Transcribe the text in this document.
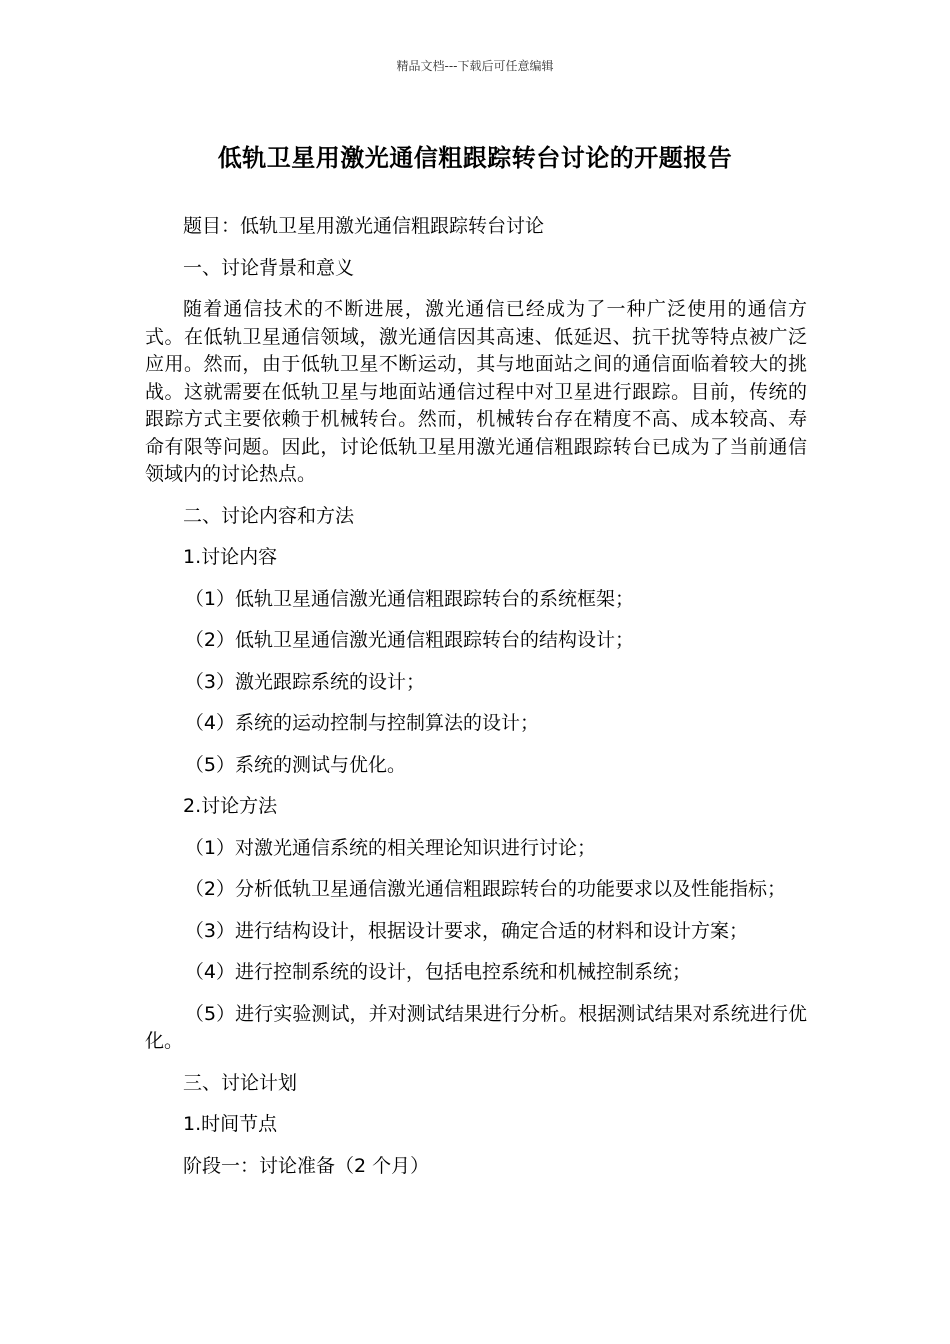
精品文档---下载后可任意编辑
低轨卫星用激光通信粗跟踪转台讨论的开题报告

题目：低轨卫星用激光通信粗跟踪转台讨论

一、讨论背景和意义

随着通信技术的不断进展，激光通信已经成为了一种广泛使用的通信方式。在低轨卫星通信领域，激光通信因其高速、低延迟、抗干扰等特点被广泛应用。然而，由于低轨卫星不断运动，其与地面站之间的通信面临着较大的挑战。这就需要在低轨卫星与地面站通信过程中对卫星进行跟踪。目前，传统的跟踪方式主要依赖于机械转台。然而，机械转台存在精度不高、成本较高、寿命有限等问题。因此，讨论低轨卫星用激光通信粗跟踪转台已成为了当前通信领域内的讨论热点。

二、讨论内容和方法

1.讨论内容

（1）低轨卫星通信激光通信粗跟踪转台的系统框架；

（2）低轨卫星通信激光通信粗跟踪转台的结构设计；

（3）激光跟踪系统的设计；

（4）系统的运动控制与控制算法的设计；

（5）系统的测试与优化。

2.讨论方法

（1）对激光通信系统的相关理论知识进行讨论；

（2）分析低轨卫星通信激光通信粗跟踪转台的功能要求以及性能指标；

（3）进行结构设计，根据设计要求，确定合适的材料和设计方案；

（4）进行控制系统的设计，包括电控系统和机械控制系统；

（5）进行实验测试，并对测试结果进行分析。根据测试结果对系统进行优化。

三、讨论计划

1.时间节点

阶段一：讨论准备（2 个月）
